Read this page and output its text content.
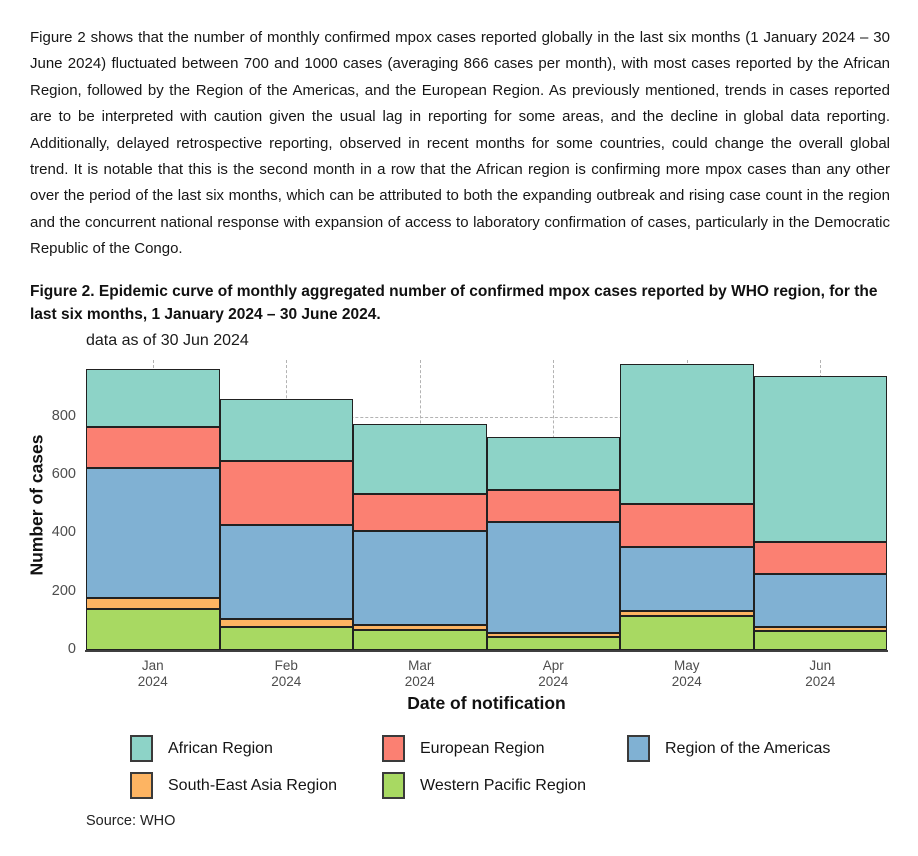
Figure 2 shows that the number of monthly confirmed mpox cases reported globally in the last six months (1 January 2024 – 30 June 2024) fluctuated between 700 and 1000 cases (averaging 866 cases per month), with most cases reported by the African Region, followed by the Region of the Americas, and the European Region. As previously mentioned, trends in cases reported are to be interpreted with caution given the usual lag in reporting for some areas, and the decline in global data reporting. Additionally, delayed retrospective reporting, observed in recent months for some countries, could change the overall global trend. It is notable that this is the second month in a row that the African region is confirming more mpox cases than any other over the period of the last six months, which can be attributed to both the expanding outbreak and rising case count in the region and the concurrent national response with expansion of access to laboratory confirmation of cases, particularly in the Democratic Republic of the Congo.

Figure 2. Epidemic curve of monthly aggregated number of confirmed mpox cases reported by WHO region, for the last six months, 1 January 2024 – 30 June 2024.

data as of 30 Jun 2024
Number of cases
Date of notification
0
200
400
600
800
Jan
2024
Feb
2024
Mar
2024
Apr
2024
May
2024
Jun
2024
African Region	European Region	Region of the Americas
South-East Asia Region	Western Pacific Region
Source: WHO
